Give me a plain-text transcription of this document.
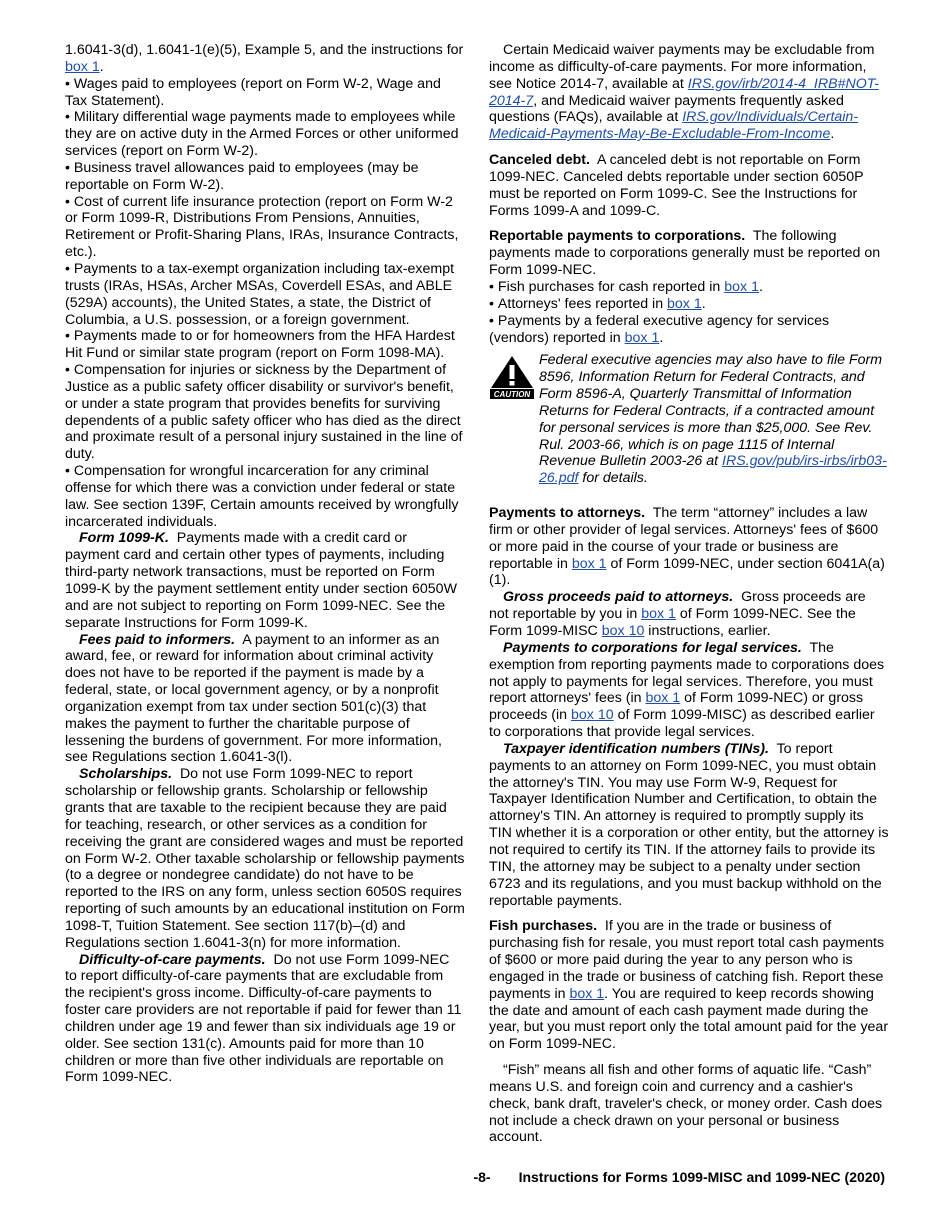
1.6041-3(d), 1.6041-1(e)(5), Example 5, and the instructions for box 1.

• Wages paid to employees (report on Form W-2, Wage and Tax Statement).

• Military differential wage payments made to employees while they are on active duty in the Armed Forces or other uniformed services (report on Form W-2).

• Business travel allowances paid to employees (may be reportable on Form W-2).

• Cost of current life insurance protection (report on Form W-2 or Form 1099-R, Distributions From Pensions, Annuities, Retirement or Profit-Sharing Plans, IRAs, Insurance Contracts, etc.).

• Payments to a tax-exempt organization including tax-exempt trusts (IRAs, HSAs, Archer MSAs, Coverdell ESAs, and ABLE (529A) accounts), the United States, a state, the District of Columbia, a U.S. possession, or a foreign government.

• Payments made to or for homeowners from the HFA Hardest Hit Fund or similar state program (report on Form 1098-MA).

• Compensation for injuries or sickness by the Department of Justice as a public safety officer disability or survivor's benefit, or under a state program that provides benefits for surviving dependents of a public safety officer who has died as the direct and proximate result of a personal injury sustained in the line of duty.

• Compensation for wrongful incarceration for any criminal offense for which there was a conviction under federal or state law. See section 139F, Certain amounts received by wrongfully incarcerated individuals.

Form 1099-K. Payments made with a credit card or payment card and certain other types of payments, including third-party network transactions, must be reported on Form 1099-K by the payment settlement entity under section 6050W and are not subject to reporting on Form 1099-NEC. See the separate Instructions for Form 1099-K.

Fees paid to informers. A payment to an informer as an award, fee, or reward for information about criminal activity does not have to be reported if the payment is made by a federal, state, or local government agency, or by a nonprofit organization exempt from tax under section 501(c)(3) that makes the payment to further the charitable purpose of lessening the burdens of government. For more information, see Regulations section 1.6041-3(l).

Scholarships. Do not use Form 1099-NEC to report scholarship or fellowship grants. Scholarship or fellowship grants that are taxable to the recipient because they are paid for teaching, research, or other services as a condition for receiving the grant are considered wages and must be reported on Form W-2. Other taxable scholarship or fellowship payments (to a degree or nondegree candidate) do not have to be reported to the IRS on any form, unless section 6050S requires reporting of such amounts by an educational institution on Form 1098-T, Tuition Statement. See section 117(b)–(d) and Regulations section 1.6041-3(n) for more information.

Difficulty-of-care payments. Do not use Form 1099-NEC to report difficulty-of-care payments that are excludable from the recipient's gross income. Difficulty-of-care payments to foster care providers are not reportable if paid for fewer than 11 children under age 19 and fewer than six individuals age 19 or older. See section 131(c). Amounts paid for more than 10 children or more than five other individuals are reportable on Form 1099-NEC.

Certain Medicaid waiver payments may be excludable from income as difficulty-of-care payments. For more information, see Notice 2014-7, available at IRS.gov/irb/2014-4_IRB#NOT-2014-7, and Medicaid waiver payments frequently asked questions (FAQs), available at IRS.gov/Individuals/Certain-Medicaid-Payments-May-Be-Excludable-From-Income.

Canceled debt. A canceled debt is not reportable on Form 1099-NEC. Canceled debts reportable under section 6050P must be reported on Form 1099-C. See the Instructions for Forms 1099-A and 1099-C.

Reportable payments to corporations. The following payments made to corporations generally must be reported on Form 1099-NEC.

• Fish purchases for cash reported in box 1.

• Attorneys' fees reported in box 1.

• Payments by a federal executive agency for services (vendors) reported in box 1.

CAUTION
Federal executive agencies may also have to file Form 8596, Information Return for Federal Contracts, and Form 8596-A, Quarterly Transmittal of Information Returns for Federal Contracts, if a contracted amount for personal services is more than $25,000. See Rev. Rul. 2003-66, which is on page 1115 of Internal Revenue Bulletin 2003-26 at IRS.gov/pub/irs-irbs/irb03-26.pdf for details.

Payments to attorneys. The term “attorney” includes a law firm or other provider of legal services. Attorneys' fees of $600 or more paid in the course of your trade or business are reportable in box 1 of Form 1099-NEC, under section 6041A(a)(1).

Gross proceeds paid to attorneys. Gross proceeds are not reportable by you in box 1 of Form 1099-NEC. See the Form 1099-MISC box 10 instructions, earlier.

Payments to corporations for legal services. The exemption from reporting payments made to corporations does not apply to payments for legal services. Therefore, you must report attorneys' fees (in box 1 of Form 1099-NEC) or gross proceeds (in box 10 of Form 1099-MISC) as described earlier to corporations that provide legal services.

Taxpayer identification numbers (TINs). To report payments to an attorney on Form 1099-NEC, you must obtain the attorney's TIN. You may use Form W-9, Request for Taxpayer Identification Number and Certification, to obtain the attorney's TIN. An attorney is required to promptly supply its TIN whether it is a corporation or other entity, but the attorney is not required to certify its TIN. If the attorney fails to provide its TIN, the attorney may be subject to a penalty under section 6723 and its regulations, and you must backup withhold on the reportable payments.

Fish purchases. If you are in the trade or business of purchasing fish for resale, you must report total cash payments of $600 or more paid during the year to any person who is engaged in the trade or business of catching fish. Report these payments in box 1. You are required to keep records showing the date and amount of each cash payment made during the year, but you must report only the total amount paid for the year on Form 1099-NEC.

“Fish” means all fish and other forms of aquatic life. “Cash” means U.S. and foreign coin and currency and a cashier's check, bank draft, traveler's check, or money order. Cash does not include a check drawn on your personal or business account.

-8- Instructions for Forms 1099-MISC and 1099-NEC (2020)
